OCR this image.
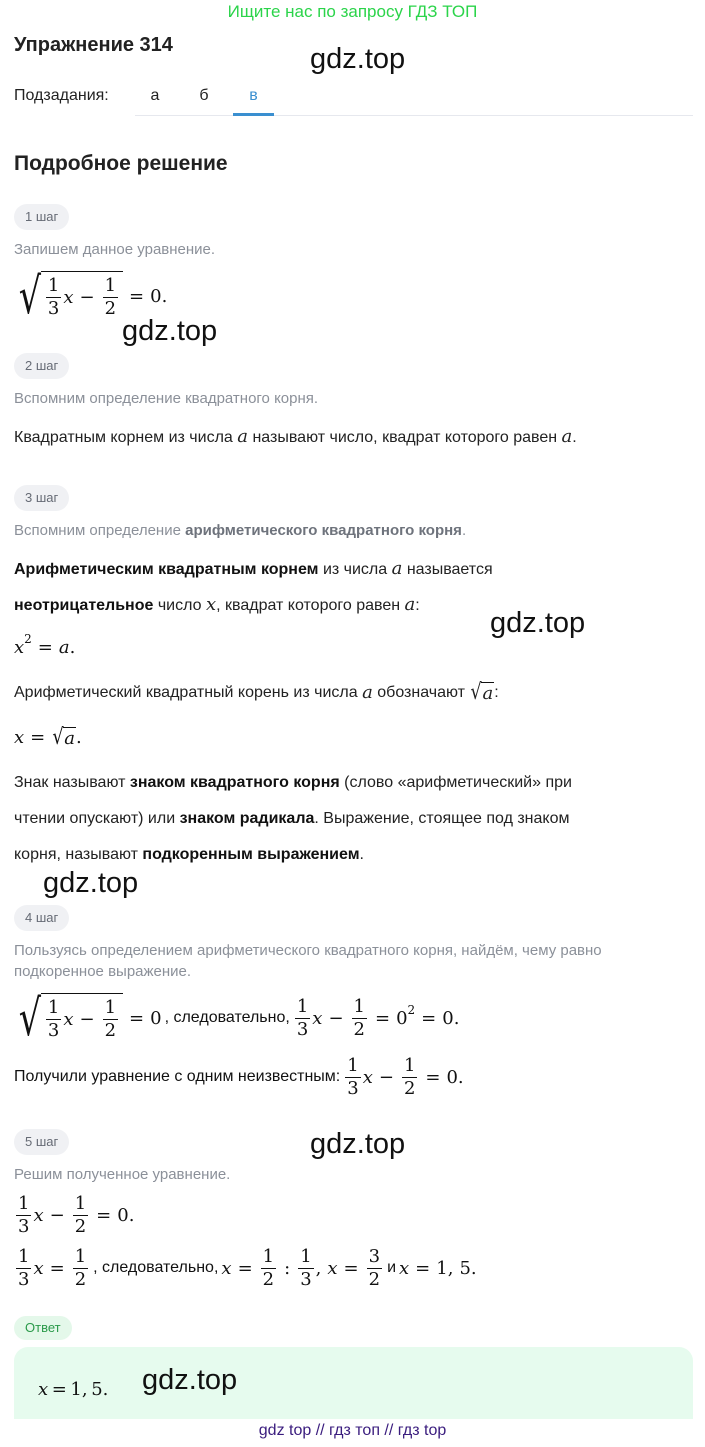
Ищите нас по запросу ГДЗ ТОП
Упражнение 314	gdz.top
Подзадания:	а б	в
Подробное решение
1 шаг
Запишем данное уравнение.
√ $\frac{1}{3}$ $x - \frac{1}{2} = 0$.
gdz.top
2 шаг
Вспомним определение квадратного корня.
Квадратным корнем из числа a называют число, квадрат которого равен a.
3 шаг
Вспомним определение арифметического квадратного корня.
Арифметическим квадратным корнем из числа a называется
неотрицательное число x, квадрат которого равен a:
$x^2 = a$ .
gdz.top
Арифметический квадратный корень из числа
a
обозначают
√ a :
x = √ a .
Знак называют знаком квадратного корня (слово «арифметический» при
чтении опускают) или знаком радикала. Выражение, стоящее под знаком
корня, называют подкоренным выражением.
gdz.top
4 шаг
Пользуясь определением арифметического квадратного корня, найдём, чему равно
подкоренное выражение.
√ $\frac{1}{3}$ $x - \frac{1}{2} = 0$ , следовательно, $\frac{1}{3}$ $x - \frac{1}{2} = 0^2 = 0$.
Получили уравнение с одним неизвестным: $\frac{1}{3}$ $x - \frac{1}{2} = 0$.
5 шаг	gdz.top
Решим полученное уравнение.
$\frac{1}{3}$ $x - \frac{1}{2} = 0$.
$\frac{1}{3}$ $x = \frac{1}{2}$ , следовательно, $x = \frac{1}{2}$ : $\frac{1}{3}$ , $x = \frac{3}{2}$ и x = 1, 5.
Ответ
x  = 1, 5. gdz.top
gdz top // гдз топ // гдз top
